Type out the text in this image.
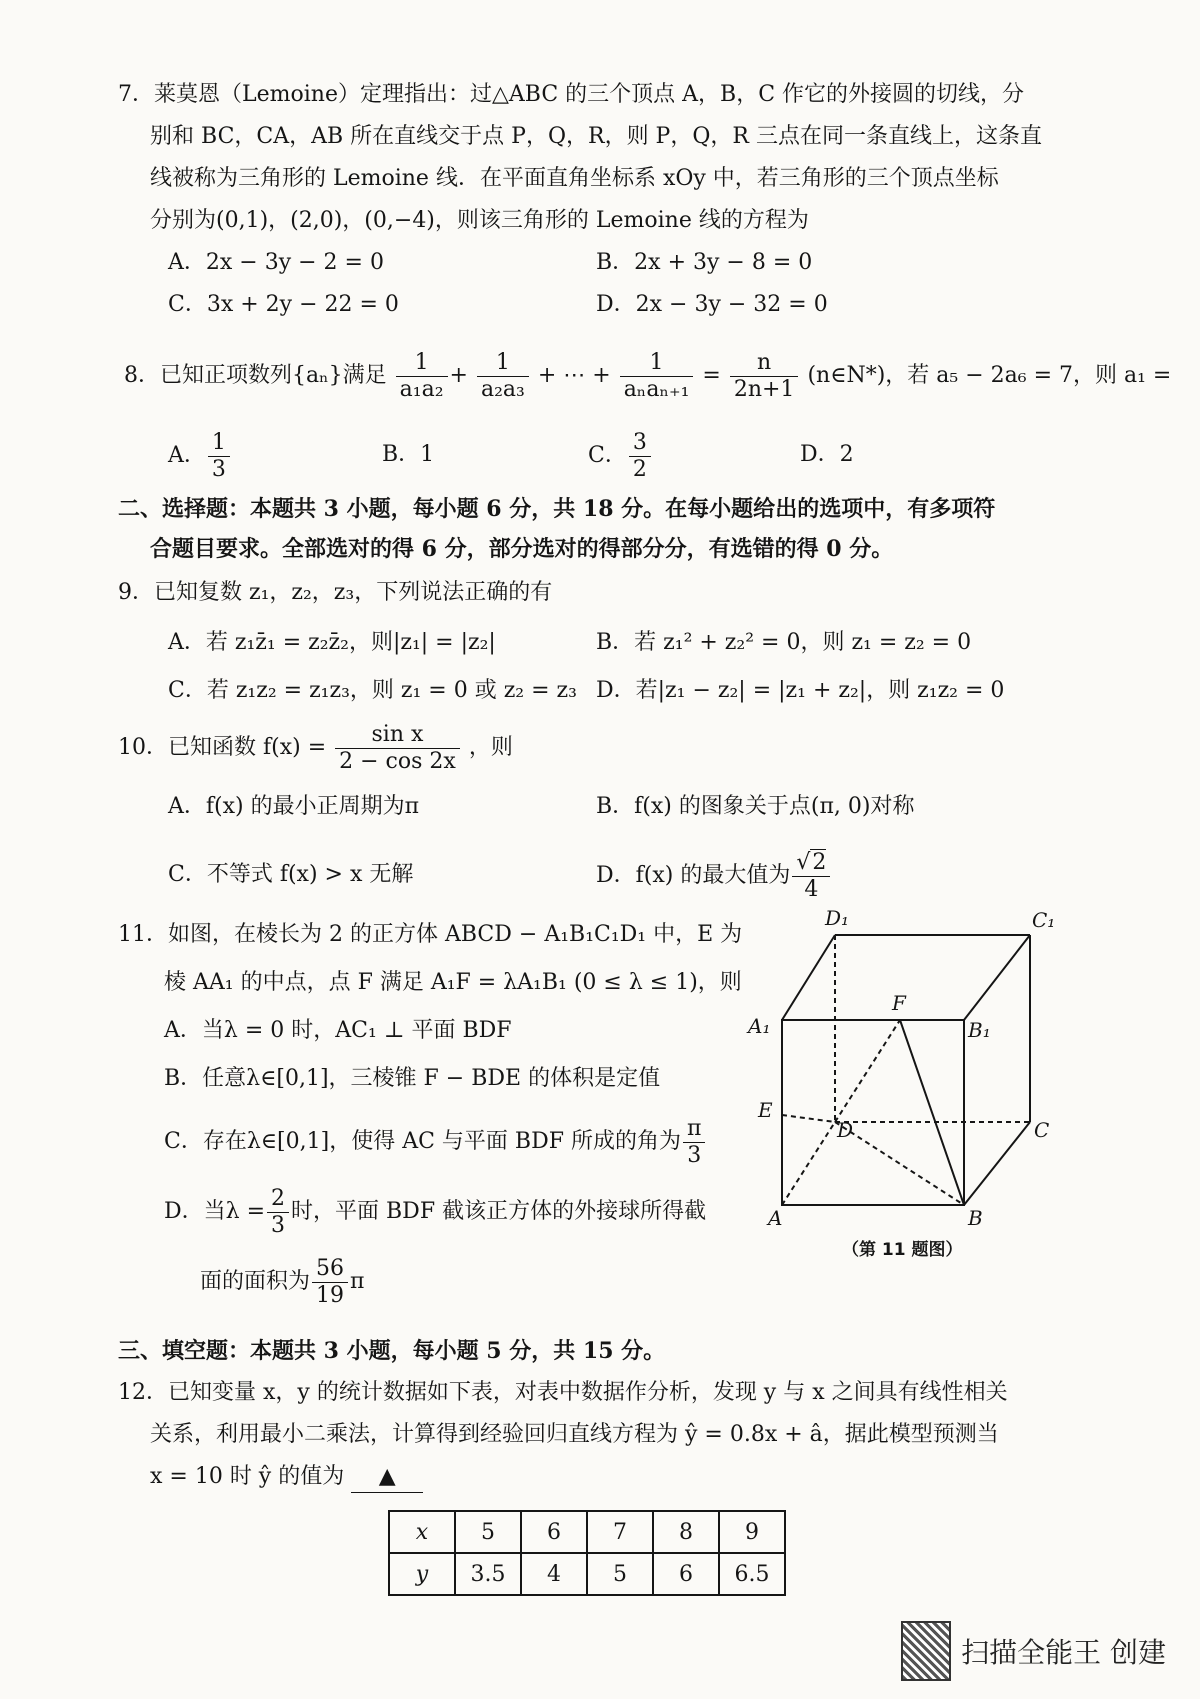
7．莱莫恩（Lemoine）定理指出：过△ABC 的三个顶点 A，B，C 作它的外接圆的切线，分
别和 BC，CA，AB 所在直线交于点 P，Q，R，则 P，Q，R 三点在同一条直线上，这条直
线被称为三角形的 Lemoine 线．在平面直角坐标系 xOy 中，若三角形的三个顶点坐标
分别为(0,1)，(2,0)，(0,−4)，则该三角形的 Lemoine 线的方程为
A．2x − 3y − 2 = 0	B．2x + 3y − 8 = 0
C．3x + 2y − 22 = 0	D．2x − 3y − 32 = 0
8．已知正项数列{aₙ}满足 $\frac{1}{\text{a₁a₂}} + \frac{1}{\text{a₂a₃}}$ + ⋯ + $\frac{1}{\text{aₙaₙ₊₁}} = \frac{n}{2n+1}$ (n∈N*)，若 a₅ − 2a₆ = 7，则 a₁ =
A． $\frac{1}{3}$	B．1	C． $\frac{3}{2}$	D．2
二、选择题：本题共 3 小题，每小题 6 分，共 18 分。在每小题给出的选项中，有多项符
合题目要求。全部选对的得 6 分，部分选对的得部分分，有选错的得 0 分。
9．已知复数 z₁，z₂，z₃，下列说法正确的有
A．若 z₁z̄₁ = z₂z̄₂，则|z₁| = |z₂|	B．若 z₁² + z₂² = 0，则 z₁ = z₂ = 0
C．若 z₁z₂ = z₁z₃，则 z₁ = 0 或 z₂ = z₃ D．若|z₁ − z₂| = |z₁ + z₂|，则 z₁z₂ = 0
10．已知函数 $f(x) = \frac{\text{sin x}}{2 - \cos 2x}$ ，则
A．f(x) 的最小正周期为π	B．f(x) 的图象关于点(π, 0)对称
C．不等式 f(x) > x 无解	D．f(x) 的最大值为 $\frac{√2}{4}$
11．如图，在棱长为 2 的正方体 ABCD − A₁B₁C₁D₁ 中，E 为
棱 AA₁ 的中点，点 F 满足 A₁F = λA₁B₁ (0 ≤ λ ≤ 1)，则
A．当λ = 0 时，AC₁ ⊥ 平面 BDF
B．任意λ∈[0,1]，三棱锥 F − BDE 的体积是定值
C．存在λ∈[0,1]，使得 AC 与平面 BDF 所成的角为 $\frac{\pi}{3}$
D．当$\lambda = \frac{2}{3}$ 时，平面 BDF 截该正方体的外接球所得截
面的面积为 $\frac{56}{19}$ π
D₁	C₁
A₁	B₁
F
E
D	C
A	B
（第 11 题图）
三、填空题：本题共 3 小题，每小题 5 分，共 15 分。
12．已知变量 x，y 的统计数据如下表，对表中数据作分析，发现 y 与 x 之间具有线性相关
关系，利用最小二乘法，计算得到经验回归直线方程为 ŷ = 0.8x + â，据此模型预测当
x = 10 时 ŷ 的值为 ▲
x	5	6	7	8	9
y	3.5	4	5	6	6.5
扫描全能王 创建
